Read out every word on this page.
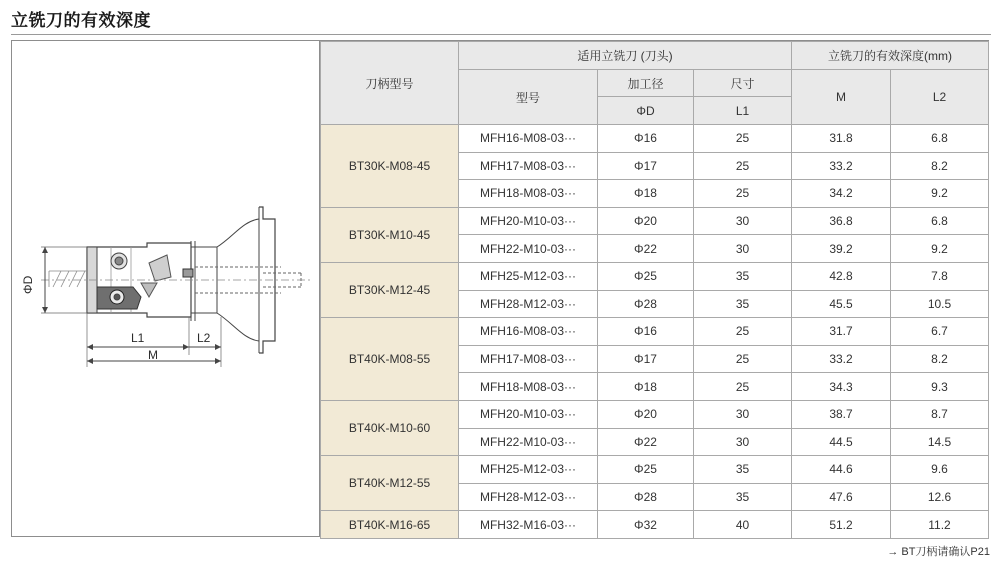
立铣刀的有效深度
ΦD
L1	L2
M
刀柄型号	适用立铣刀 (刀头)			立铣刀的有效深度(mm)	
	型号	加工径	尺寸	M	L2
		ΦD	L1		
BT30K-M08-45	MFH16-M08-03···	Φ16	25	31.8	6.8
	MFH17-M08-03···	Φ17	25	33.2	8.2
	MFH18-M08-03···	Φ18	25	34.2	9.2
BT30K-M10-45	MFH20-M10-03···	Φ20	30	36.8	6.8
	MFH22-M10-03···	Φ22	30	39.2	9.2
BT30K-M12-45	MFH25-M12-03···	Φ25	35	42.8	7.8
	MFH28-M12-03···	Φ28	35	45.5	10.5
BT40K-M08-55	MFH16-M08-03···	Φ16	25	31.7	6.7
	MFH17-M08-03···	Φ17	25	33.2	8.2
	MFH18-M08-03···	Φ18	25	34.3	9.3
BT40K-M10-60	MFH20-M10-03···	Φ20	30	38.7	8.7
	MFH22-M10-03···	Φ22	30	44.5	14.5
BT40K-M12-55	MFH25-M12-03···	Φ25	35	44.6	9.6
	MFH28-M12-03···	Φ28	35	47.6	12.6
BT40K-M16-65	MFH32-M16-03···	Φ32	40	51.2	11.2
→ BT刀柄请确认P21
